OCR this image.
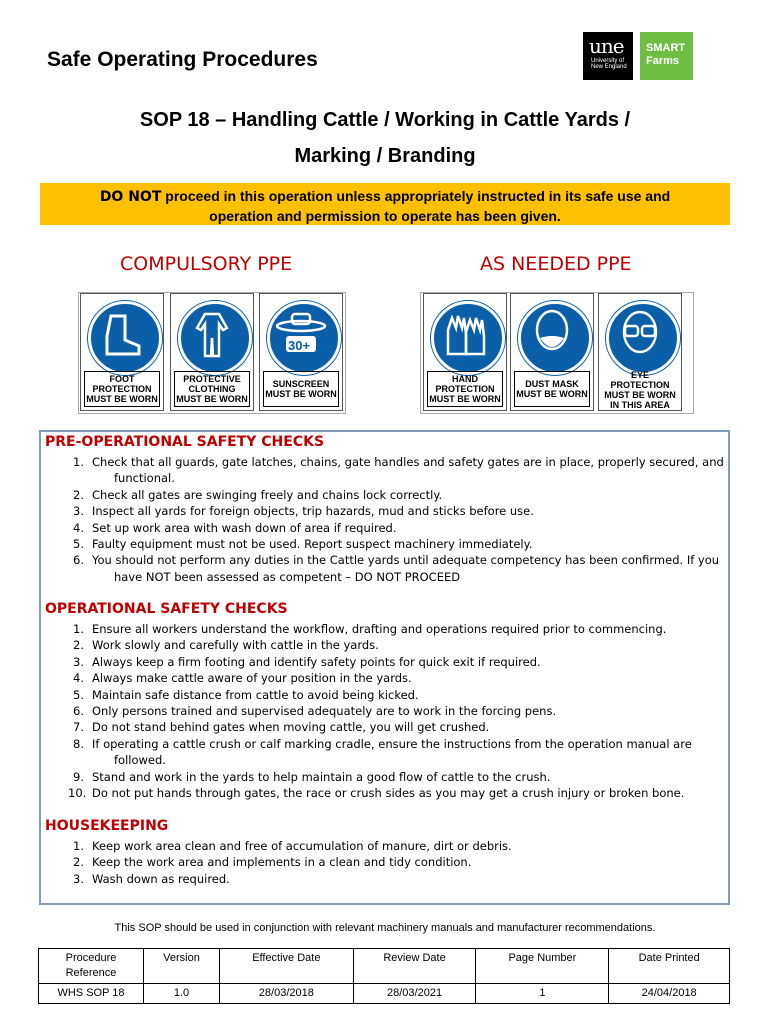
Safe Operating Procedures
une
University of
New England
SMART
Farms
SOP 18 – Handling Cattle / Working in Cattle Yards /
Marking / Branding
DO NOT proceed in this operation unless appropriately instructed in its safe use and
operation and permission to operate has been given.
COMPULSORY PPE	AS NEEDED PPE
FOOT
PROTECTION
MUST BE WORN
PROTECTIVE
CLOTHING
MUST BE WORN
30+
SUNSCREEN
MUST BE WORN
HAND
PROTECTION
MUST BE WORN
DUST MASK
MUST BE WORN
EYE PROTECTION
MUST BE WORN
IN THIS AREA
PRE-OPERATIONAL SAFETY CHECKS
1. Check that all guards, gate latches, chains, gate handles and safety gates are in place, properly secured, and
functional.
2. Check all gates are swinging freely and chains lock correctly.
3. Inspect all yards for foreign objects, trip hazards, mud and sticks before use.
4. Set up work area with wash down of area if required.
5. Faulty equipment must not be used. Report suspect machinery immediately.
6. You should not perform any duties in the Cattle yards until adequate competency has been confirmed. If you
have NOT been assessed as competent – DO NOT PROCEED
OPERATIONAL SAFETY CHECKS
1. Ensure all workers understand the workflow, drafting and operations required prior to commencing.
2. Work slowly and carefully with cattle in the yards.
3. Always keep a firm footing and identify safety points for quick exit if required.
4. Always make cattle aware of your position in the yards.
5. Maintain safe distance from cattle to avoid being kicked.
6. Only persons trained and supervised adequately are to work in the forcing pens.
7. Do not stand behind gates when moving cattle, you will get crushed.
8. If operating a cattle crush or calf marking cradle, ensure the instructions from the operation manual are
followed.
9. Stand and work in the yards to help maintain a good flow of cattle to the crush.
10. Do not put hands through gates, the race or crush sides as you may get a crush injury or broken bone.
HOUSEKEEPING
1. Keep work area clean and free of accumulation of manure, dirt or debris.
2. Keep the work area and implements in a clean and tidy condition.
3. Wash down as required.
This SOP should be used in conjunction with relevant machinery manuals and manufacturer recommendations.
Procedure
Reference	Version	Effective Date	Review Date	Page Number	Date Printed
WHS SOP 18	1.0	28/03/2018	28/03/2021	1	24/04/2018
